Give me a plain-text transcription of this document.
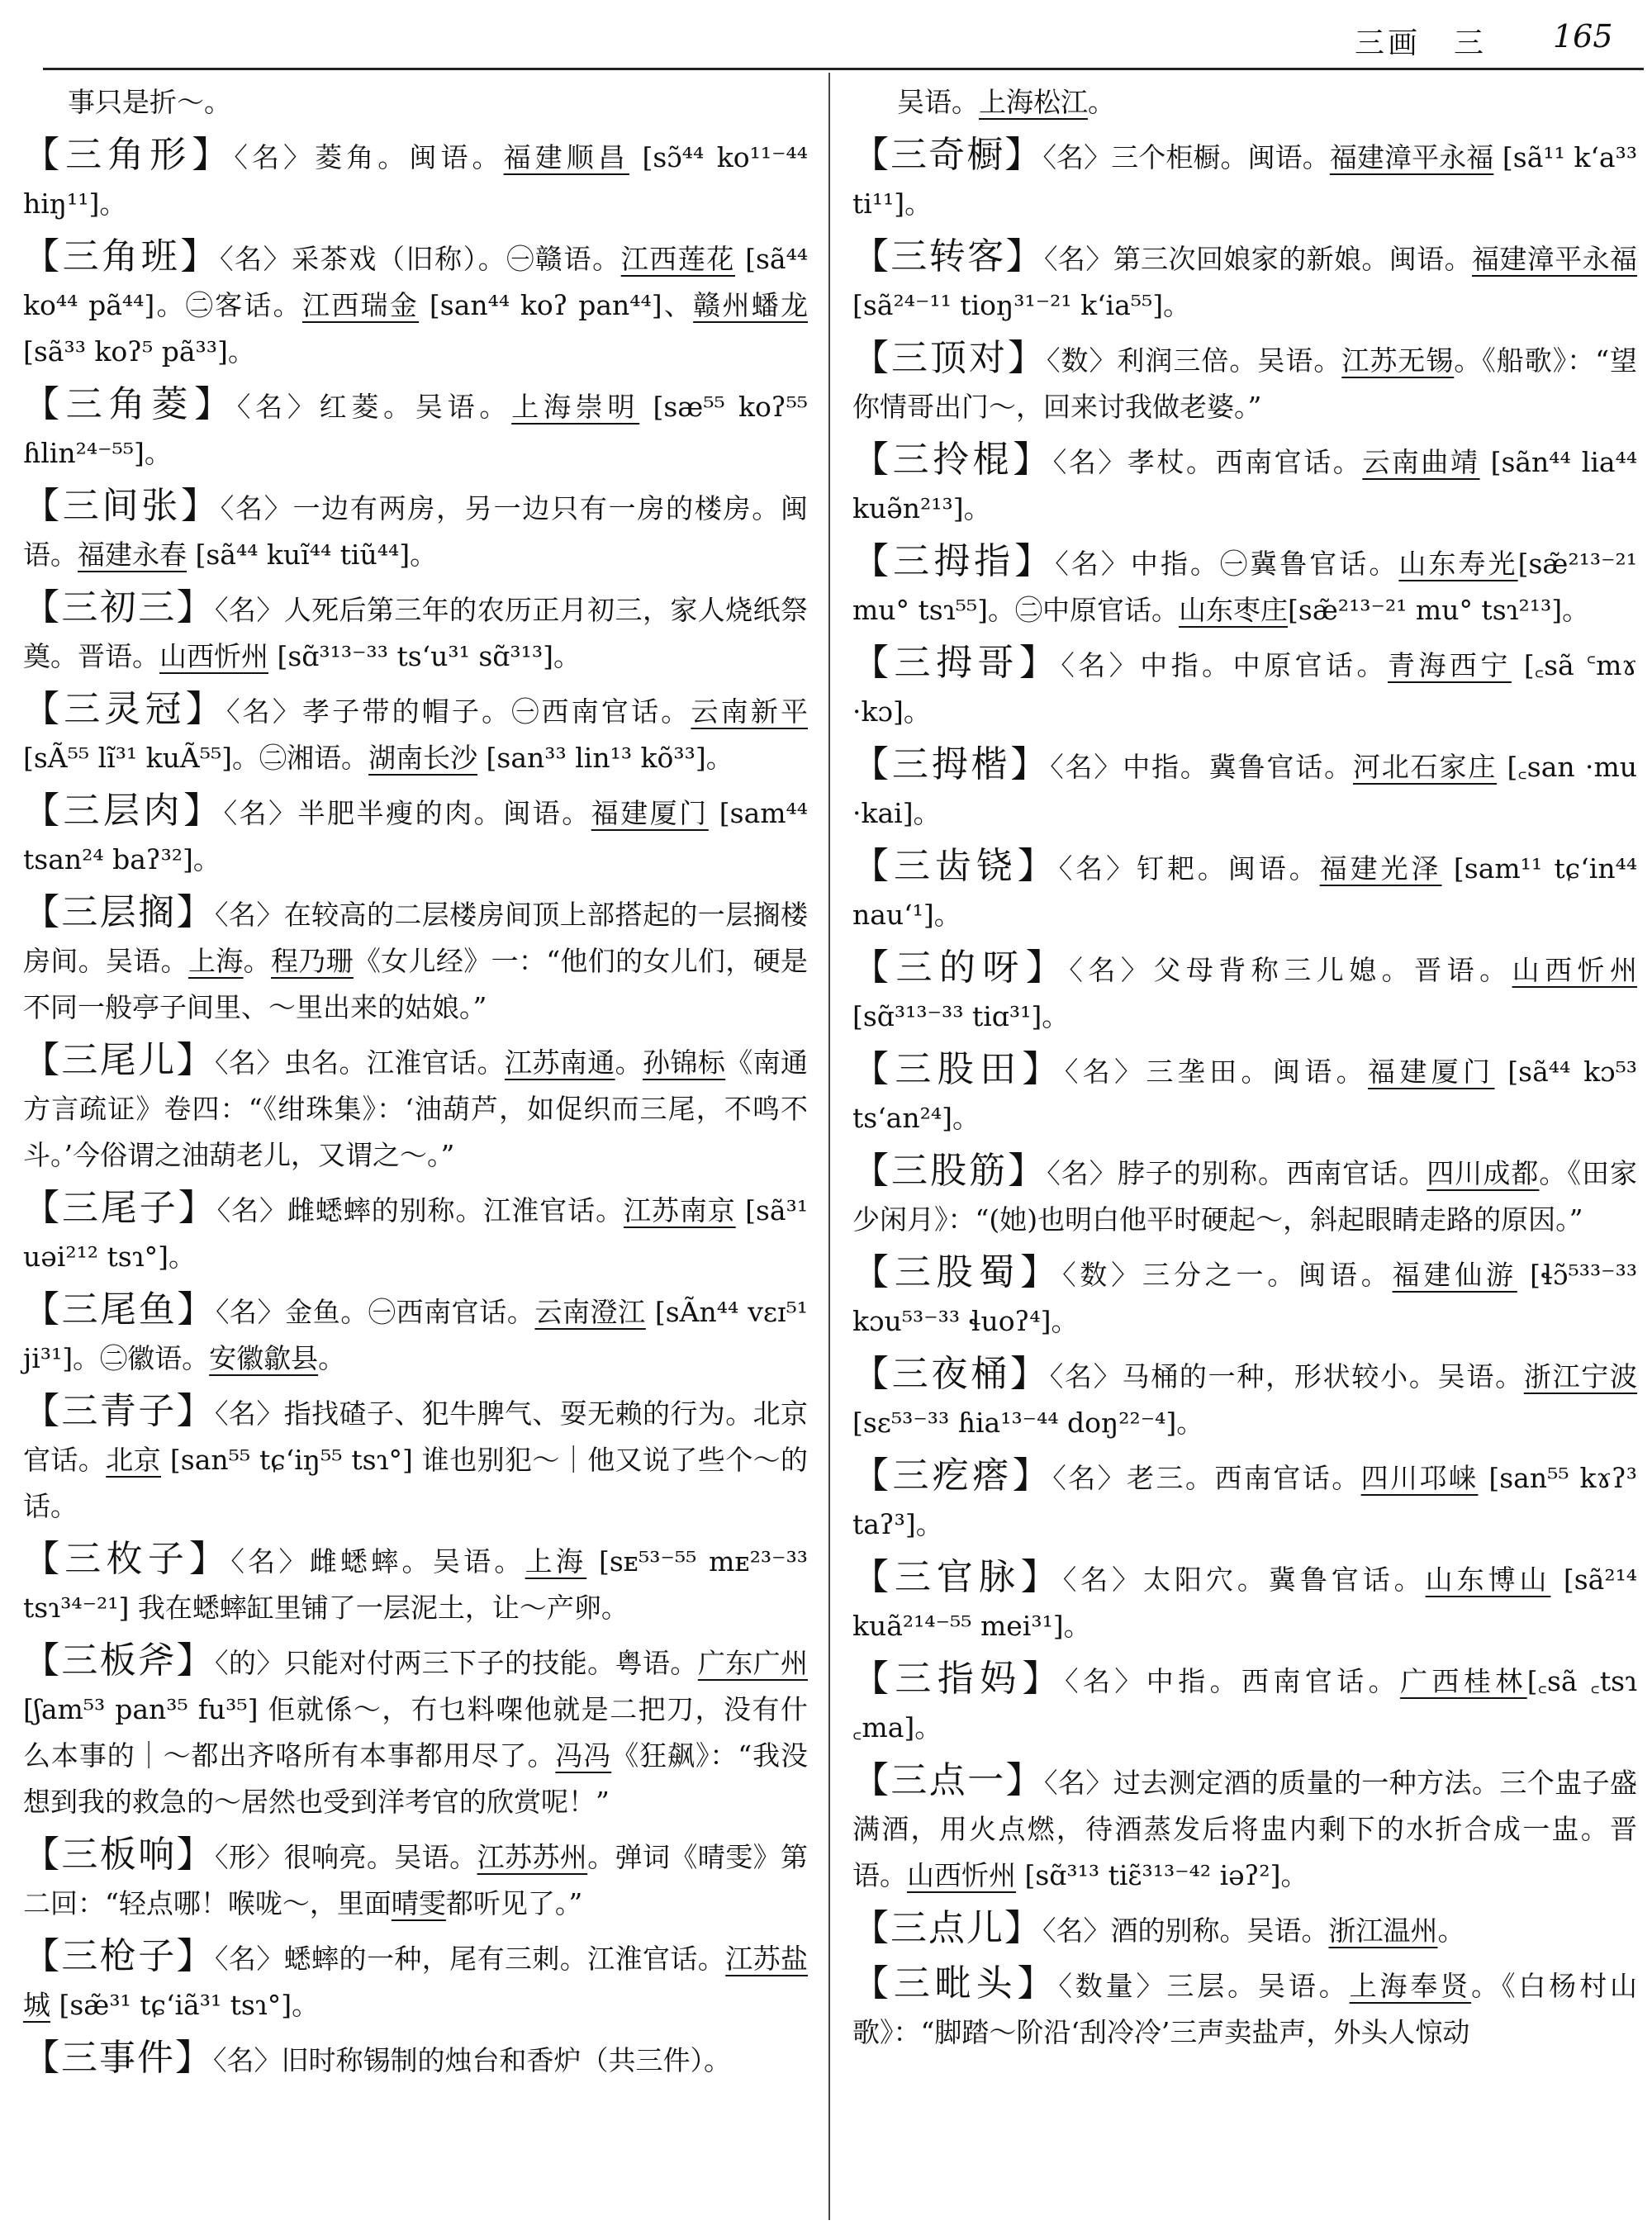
三画 三 165

事只是折～。

【 三角形 】 〈名〉菱角。闽语。福建顺昌 [sɔ̃⁴⁴ ko¹¹⁻⁴⁴ hiŋ¹¹]。

【 三角班 】 〈名〉采茶戏（旧称）。㊀赣语。江西莲花 [sã⁴⁴ ko⁴⁴ pã⁴⁴]。㊁客话。江西瑞金 [san⁴⁴ koʔ pan⁴⁴]、赣州蟠龙 [sã³³ koʔ⁵ pã³³]。

【 三角菱 】 〈名〉红菱。吴语。上海崇明 [sæ⁵⁵ koʔ⁵⁵ ɦlin²⁴⁻⁵⁵]。

【 三间张 】 〈名〉一边有两房，另一边只有一房的楼房。闽语。福建永春 [sã⁴⁴ kuĩ⁴⁴ tiũ⁴⁴]。

【 三初三 】 〈名〉人死后第三年的农历正月初三，家人烧纸祭奠。晋语。山西忻州 [sɑ̃³¹³⁻³³ ts‘u³¹ sɑ̃³¹³]。

【 三灵冠 】 〈名〉孝子带的帽子。㊀西南官话。云南新平 [sÃ⁵⁵ lĩ³¹ kuÃ⁵⁵]。㊁湘语。湖南长沙 [san³³ lin¹³ kõ³³]。

【 三层肉 】 〈名〉半肥半瘦的肉。闽语。福建厦门 [sam⁴⁴ tsan²⁴ baʔ³²]。

【 三层搁 】 〈名〉在较高的二层楼房间顶上部搭起的一层搁楼房间。吴语。上海。程乃珊《女儿经》一：“他们的女儿们，硬是不同一般亭子间里、～里出来的姑娘。”

【 三尾儿 】 〈名〉虫名。江淮官话。江苏南通。孙锦标《南通方言疏证》卷四：“《绀珠集》：‘油葫芦，如促织而三尾，不鸣不斗。’今俗谓之油葫老儿，又谓之～。”

【 三尾子 】 〈名〉雌蟋蟀的别称。江淮官话。江苏南京 [sã³¹ uəi²¹² tsɿ°]。

【 三尾鱼 】 〈名〉金鱼。㊀西南官话。云南澄江 [sÃn⁴⁴ vɛɪ⁵¹ ji³¹]。㊁徽语。安徽歙县。

【 三青子 】 〈名〉指找碴子、犯牛脾气、耍无赖的行为。北京官话。北京 [san⁵⁵ tɕ‘iŋ⁵⁵ tsɿ°] 谁也别犯～｜他又说了些个～的话。

【 三枚子 】 〈名〉雌蟋蟀。吴语。上海 [sᴇ⁵³⁻⁵⁵ mᴇ²³⁻³³ tsɿ³⁴⁻²¹] 我在蟋蟀缸里铺了一层泥土，让～产卵。

【 三板斧 】 〈的〉只能对付两三下子的技能。粤语。广东广州 [ʃam⁵³ pan³⁵ fu³⁵] 佢就係～，冇乜料㗎他就是二把刀，没有什么本事的｜～都出齐咯所有本事都用尽了。冯冯《狂飙》：“我没想到我的救急的～居然也受到洋考官的欣赏呢！”

【 三板响 】 〈形〉很响亮。吴语。江苏苏州。弹词《晴雯》第二回：“轻点哪！喉咙～，里面晴雯都听见了。”

【 三枪子 】 〈名〉蟋蟀的一种，尾有三刺。江淮官话。江苏盐城 [sæ̃³¹ tɕ‘iã³¹ tsɿ°]。

【 三事件 】 〈名〉旧时称锡制的烛台和香炉（共三件）。

吴语。上海松江。

【 三奇橱 】 〈名〉三个柜橱。闽语。福建漳平永福 [sã¹¹ k‘a³³ ti¹¹]。

【 三转客 】 〈名〉第三次回娘家的新娘。闽语。福建漳平永福 [sã²⁴⁻¹¹ tioŋ³¹⁻²¹ k‘ia⁵⁵]。

【 三顶对 】 〈数〉利润三倍。吴语。江苏无锡。《船歌》：“望你情哥出门～，回来讨我做老婆。”

【 三拎棍 】 〈名〉孝杖。西南官话。云南曲靖 [sãn⁴⁴ lia⁴⁴ kuə̃n²¹³]。

【 三拇指 】 〈名〉中指。㊀冀鲁官话。山东寿光[sæ̃²¹³⁻²¹ mu° tsɿ⁵⁵]。㊁中原官话。山东枣庄[sæ̃²¹³⁻²¹ mu° tsɿ²¹³]。

【 三拇哥 】 〈名〉中指。中原官话。青海西宁 [꜀sã ꜂mɤ ·kɔ]。

【 三拇楷 】 〈名〉中指。冀鲁官话。河北石家庄 [꜀san ·mu ·kai]。

【 三齿铙 】 〈名〉钉耙。闽语。福建光泽 [sam¹¹ tɕ‘in⁴⁴ nau‘¹]。

【 三的呀 】 〈名〉父母背称三儿媳。晋语。山西忻州 [sɑ̃³¹³⁻³³ tiɑ³¹]。

【 三股田 】 〈名〉三垄田。闽语。福建厦门 [sã⁴⁴ kɔ⁵³ ts‘an²⁴]。

【 三股筋 】 〈名〉脖子的别称。西南官话。四川成都。《田家少闲月》：“(她)也明白他平时硬起～，斜起眼睛走路的原因。”

【 三股蜀 】 〈数〉三分之一。闽语。福建仙游 [ɬɔ̃⁵³³⁻³³ kɔu⁵³⁻³³ ɬuoʔ⁴]。

【 三夜桶 】 〈名〉马桶的一种，形状较小。吴语。浙江宁波 [sɛ⁵³⁻³³ ɦia¹³⁻⁴⁴ doŋ²²⁻⁴]。

【 三疙瘩 】 〈名〉老三。西南官话。四川邛崃 [san⁵⁵ kɤʔ³ taʔ³]。

【 三官脉 】 〈名〉太阳穴。冀鲁官话。山东博山 [sã²¹⁴ kuã²¹⁴⁻⁵⁵ mei³¹]。

【 三指妈 】 〈名〉中指。西南官话。广西桂林[꜀sã ꜀tsɿ ꜀ma]。

【 三点一 】 〈名〉过去测定酒的质量的一种方法。三个盅子盛满酒，用火点燃，待酒蒸发后将盅内剩下的水折合成一盅。晋语。山西忻州 [sɑ̃³¹³ tiɛ̃³¹³⁻⁴² iəʔ²]。

【 三点儿 】 〈名〉酒的别称。吴语。浙江温州。

【 三毗头 】 〈数量〉三层。吴语。上海奉贤。《白杨村山歌》：“脚踏～阶沿‘刮冷冷’三声卖盐声，外头人惊动
